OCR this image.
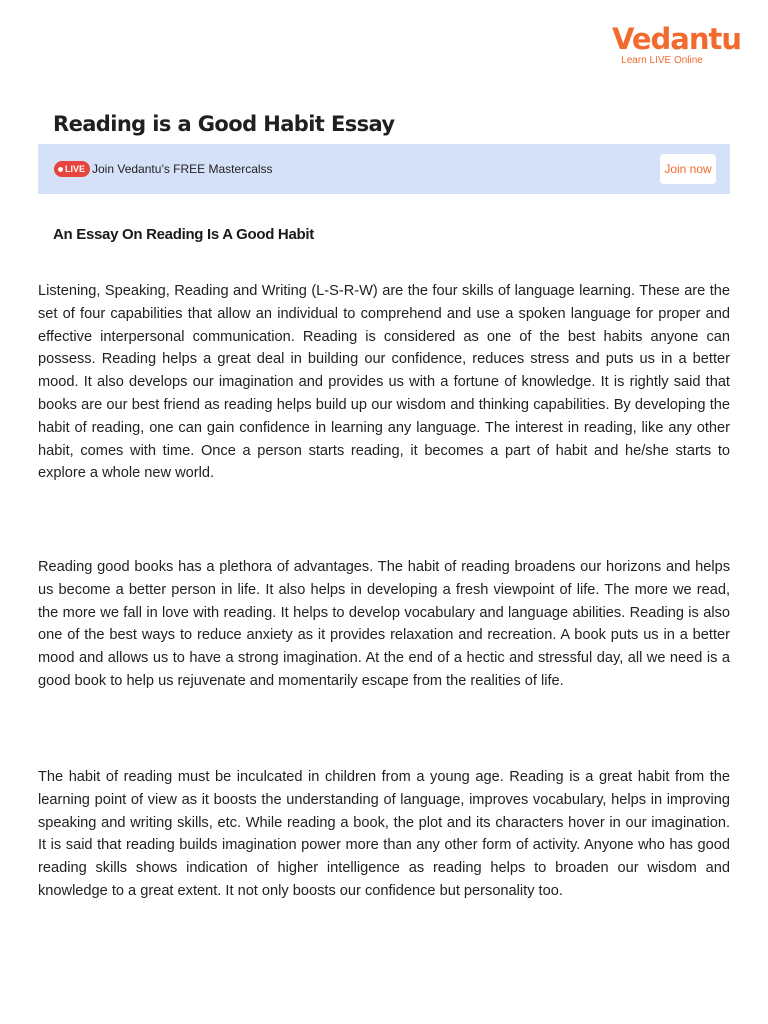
Vedantu
Learn LIVE Online
Reading is a Good Habit Essay
LIVE Join Vedantu’s FREE Mastercalss	Join now
An Essay On Reading Is A Good Habit

Listening, Speaking, Reading and Writing (L-S-R-W) are the four skills of language learning. These are the set of four capabilities that allow an individual to comprehend and use a spoken language for proper and effective interpersonal communication. Reading is considered as one of the best habits anyone can possess. Reading helps a great deal in building our confidence, reduces stress and puts us in a better mood. It also develops our imagination and provides us with a fortune of knowledge. It is rightly said that books are our best friend as reading helps build up our wisdom and thinking capabilities. By developing the habit of reading, one can gain confidence in learning any language. The interest in reading, like any other habit, comes with time. Once a person starts reading, it becomes a part of habit and he/she starts to explore a whole new world.

Reading good books has a plethora of advantages. The habit of reading broadens our horizons and helps us become a better person in life. It also helps in developing a fresh viewpoint of life. The more we read, the more we fall in love with reading. It helps to develop vocabulary and language abilities. Reading is also one of the best ways to reduce anxiety as it provides relaxation and recreation. A book puts us in a better mood and allows us to have a strong imagination. At the end of a hectic and stressful day, all we need is a good book to help us rejuvenate and momentarily escape from the realities of life.

The habit of reading must be inculcated in children from a young age. Reading is a great habit from the learning point of view as it boosts the understanding of language, improves vocabulary, helps in improving speaking and writing skills, etc. While reading a book, the plot and its characters hover in our imagination. It is said that reading builds imagination power more than any other form of activity. Anyone who has good reading skills shows indication of higher intelligence as reading helps to broaden our wisdom and knowledge to a great extent. It not only boosts our confidence but personality too.
